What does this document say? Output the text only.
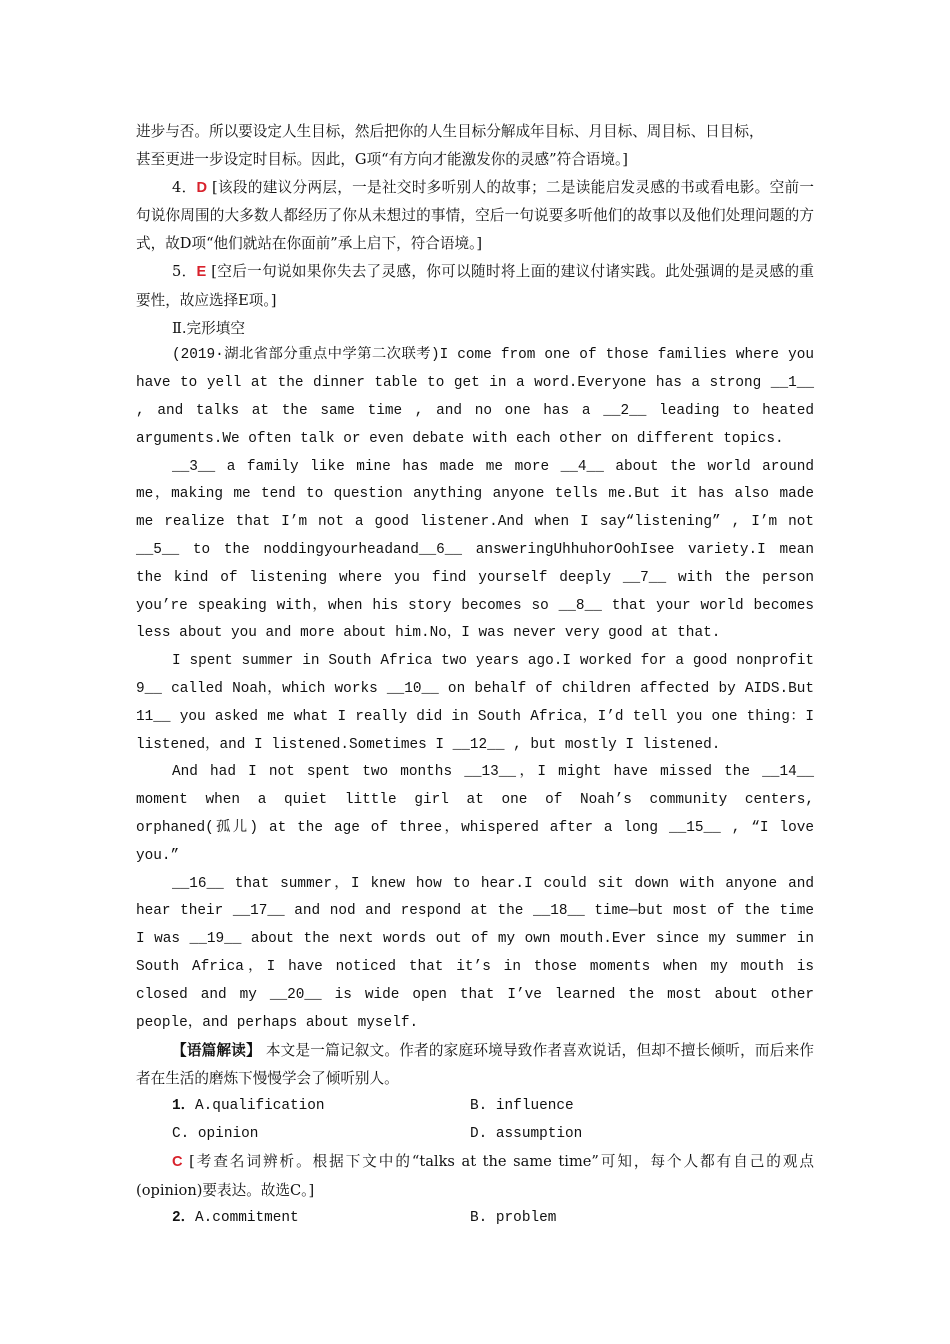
进步与否。所以要设定人生目标，然后把你的人生目标分解成年目标、月目标、周目标、日目标，

甚至更进一步设定时目标。因此，G项“有方向才能激发你的灵感”符合语境。]

4．D [该段的建议分两层，一是社交时多听别人的故事；二是读能启发灵感的书或看电影。空前一句说你周围的大多数人都经历了你从未想过的事情，空后一句说要多听他们的故事以及他们处理问题的方式，故D项“他们就站在你面前”承上启下，符合语境。]

5．E [空后一句说如果你失去了灵感，你可以随时将上面的建议付诸实践。此处强调的是灵感的重要性，故应选择E项。]

Ⅱ.完形填空

(2019·湖北省部分重点中学第二次联考)I come from one of those families where you have to yell at the dinner table to get in a word.Everyone has a strong __1__ , and talks at the same time , and no one has a __2__ leading to heated arguments.We often talk or even debate with each other on different topics.

__3__ a family like mine has made me more __4__ about the world around me，making me tend to question anything anyone tells me.But it has also made me realize that I’m not a good listener.And when I say“listening” , I’m not __5__ to the noddingyourheadand__6__ answeringUhhuhorOohIsee variety.I mean the kind of listening where you find yourself deeply __7__ with the person you’re speaking with，when his story becomes so __8__ that your world becomes less about you and more about him.No，I was never very good at that.

I spent summer in South Africa two years ago.I worked for a good nonprofit 9__ called Noah，which works __10__ on behalf of children affected by AIDS.But 11__ you asked me what I really did in South Africa，I’d tell you one thing：I listened，and I listened.Sometimes I __12__ , but mostly I listened.

And had I not spent two months __13__，I might have missed the __14__ moment when a quiet little girl at one of Noah’s community centers, orphaned(孤儿) at the age of three，whispered after a long __15__ , “I love you.”

__16__ that summer，I knew how to hear.I could sit down with anyone and hear their __17__ and nod and respond at the __18__ time—but most of the time I was __19__ about the next words out of my own mouth.Ever since my summer in South Africa，I have noticed that it’s in those moments when my mouth is closed and my __20__ is wide open that I’ve learned the most about other people，and perhaps about myself.

【语篇解读】 本文是一篇记叙文。作者的家庭环境导致作者喜欢说话，但却不擅长倾听，而后来作者在生活的磨炼下慢慢学会了倾听别人。

1．A.qualification	B. influence
C. opinion	D. assumption

C [考查名词辨析。根据下文中的“talks at the same time”可知，每个人都有自己的观点(opinion)要表达。故选C。]

2．A.commitment	B. problem
